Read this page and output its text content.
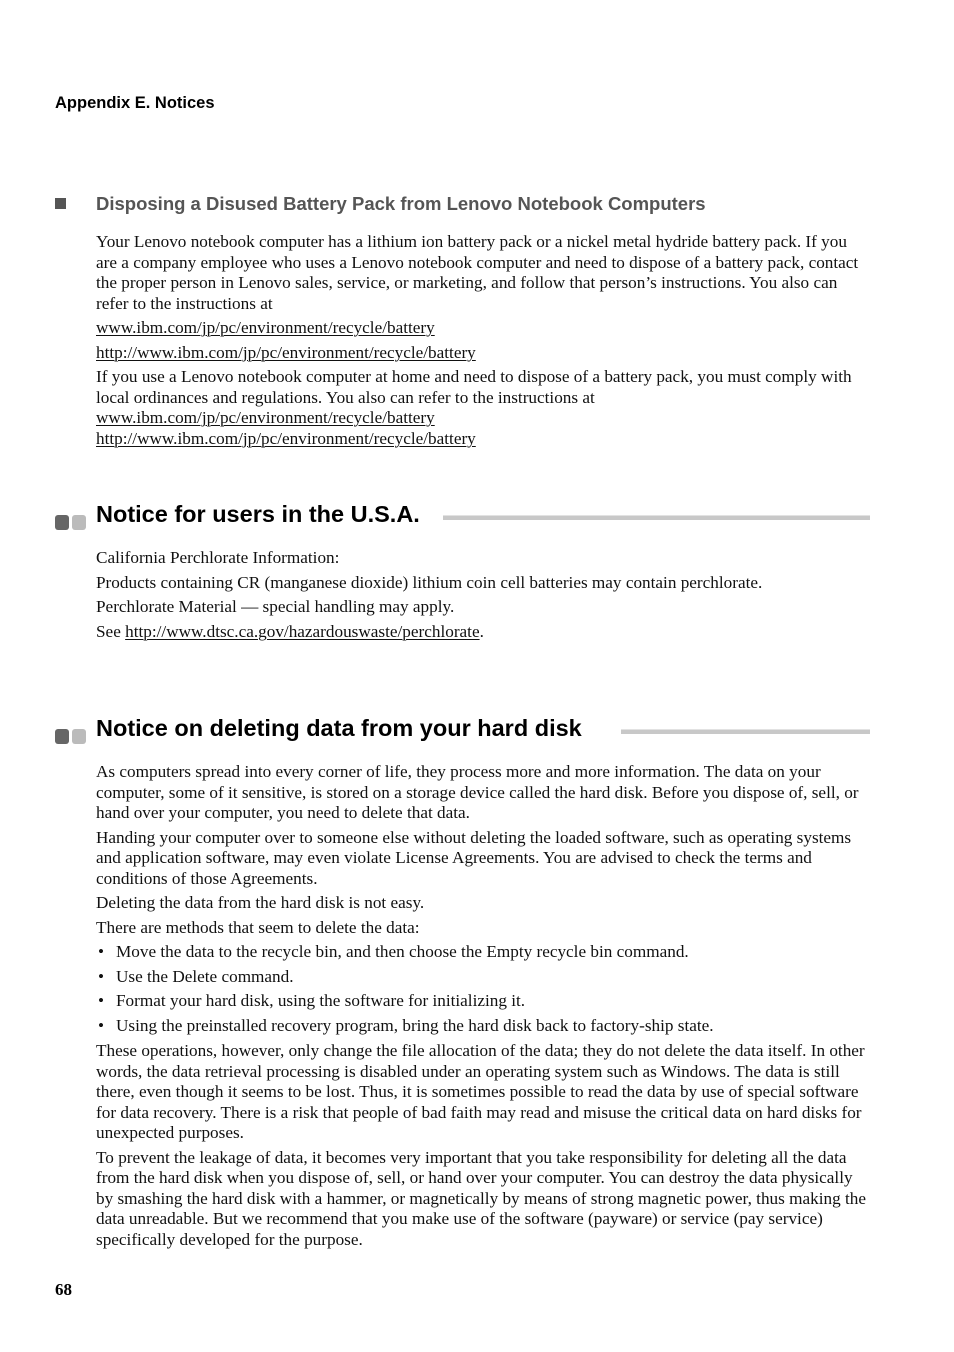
Appendix E. Notices
Disposing a Disused Battery Pack from Lenovo Notebook Computers

Your Lenovo notebook computer has a lithium ion battery pack or a nickel metal hydride battery pack. If you are a company employee who uses a Lenovo notebook computer and need to dispose of a battery pack, contact the proper person in Lenovo sales, service, or marketing, and follow that person’s instructions. You also can refer to the instructions at

www.ibm.com/jp/pc/environment/recycle/battery

http://www.ibm.com/jp/pc/environment/recycle/battery

If you use a Lenovo notebook computer at home and need to dispose of a battery pack, you must comply with local ordinances and regulations. You also can refer to the instructions at

www.ibm.com/jp/pc/environment/recycle/battery

http://www.ibm.com/jp/pc/environment/recycle/battery

Notice for users in the U.S.A.

California Perchlorate Information:

Products containing CR (manganese dioxide) lithium coin cell batteries may contain perchlorate.

Perchlorate Material — special handling may apply.

See http://www.dtsc.ca.gov/hazardouswaste/perchlorate.

Notice on deleting data from your hard disk

As computers spread into every corner of life, they process more and more information. The data on your computer, some of it sensitive, is stored on a storage device called the hard disk. Before you dispose of, sell, or hand over your computer, you need to delete that data.

Handing your computer over to someone else without deleting the loaded software, such as operating systems and application software, may even violate License Agreements. You are advised to check the terms and conditions of those Agreements.

Deleting the data from the hard disk is not easy.

There are methods that seem to delete the data:

• Move the data to the recycle bin, and then choose the Empty recycle bin command.
• Use the Delete command.
• Format your hard disk, using the software for initializing it.
• Using the preinstalled recovery program, bring the hard disk back to factory-ship state.

These operations, however, only change the file allocation of the data; they do not delete the data itself. In other words, the data retrieval processing is disabled under an operating system such as Windows. The data is still there, even though it seems to be lost. Thus, it is sometimes possible to read the data by use of special software for data recovery. There is a risk that people of bad faith may read and misuse the critical data on hard disks for unexpected purposes.

To prevent the leakage of data, it becomes very important that you take responsibility for deleting all the data from the hard disk when you dispose of, sell, or hand over your computer. You can destroy the data physically by smashing the hard disk with a hammer, or magnetically by means of strong magnetic power, thus making the data unreadable. But we recommend that you make use of the software (payware) or service (pay service) specifically developed for the purpose.

68
